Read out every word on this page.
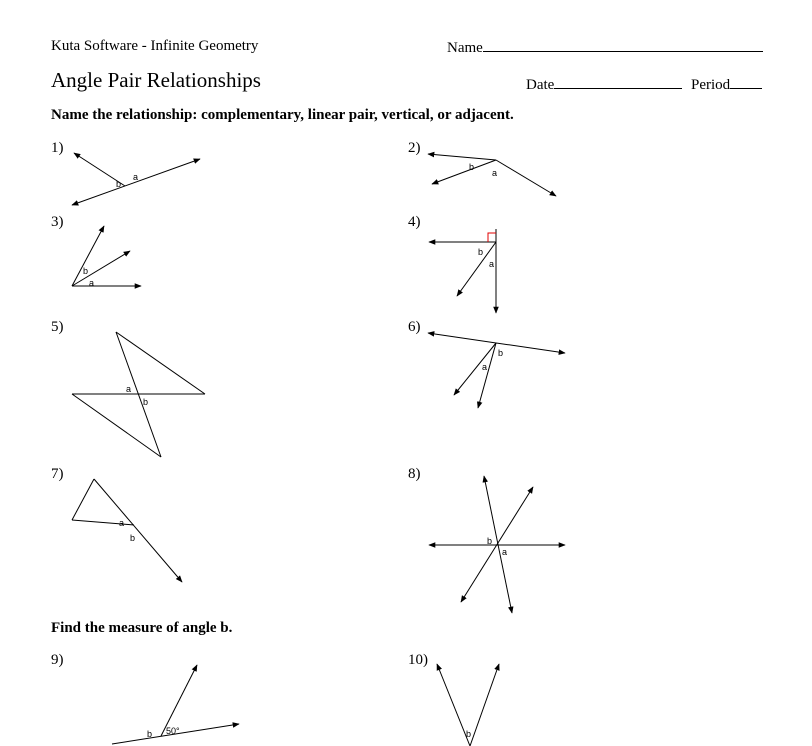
Kuta Software - Infinite Geometry	Name
Angle Pair Relationships	Date	Period
Name the relationship: complementary, linear pair, vertical, or adjacent.
1)	2)
3)	4)
5)	6)
7)	8)
Find the measure of angle b.
9)	10)
a
b
b
a
b
a
b
a
a
b
b
a
a
b	b
a
b 50°	b
